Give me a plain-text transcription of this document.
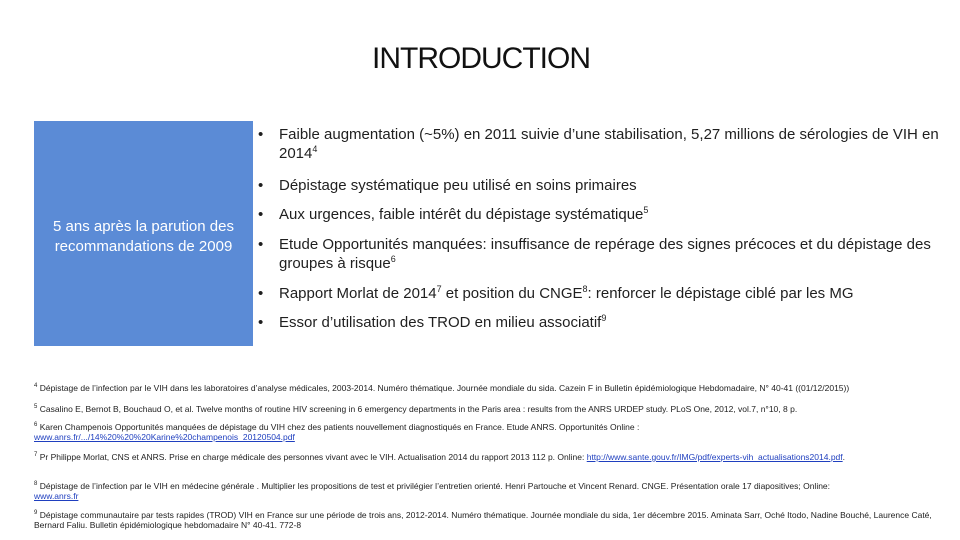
INTRODUCTION
5 ans après la parution des recommandations de 2009
• Faible augmentation (~5%) en 2011 suivie d’une stabilisation, 5,27 millions de sérologies de VIH en 2014$^4$
• Dépistage systématique peu utilisé en soins primaires
• Aux urgences, faible intérêt du dépistage systématique$^5$
• Etude Opportunités manquées: insuffisance de repérage des signes précoces et du dépistage des groupes à risque$^6$
• Rapport Morlat de 2014$^7$ et position du CNGE$^8$: renforcer le dépistage ciblé par les MG
• Essor d’utilisation des TROD en milieu associatif$^9$
$^4$ Dépistage de l’infection par le VIH dans les laboratoires d’analyse médicales, 2003-2014. Numéro thématique. Journée mondiale du sida. Cazein F in Bulletin épidémiologique Hebdomadaire, N° 40-41 ((01/12/2015))
$^5$ Casalino E, Bernot B, Bouchaud O, et al. Twelve months of routine HIV screening in 6 emergency departments in the Paris area : results from the ANRS URDEP study. PLoS One, 2012, vol.7, n°10, 8 p.
$^6$ Karen Champenois Opportunités manquées de dépistage du VIH chez des patients nouvellement diagnostiqués en France. Etude ANRS. Opportunités Online :
www.anrs.fr/.../14%20%20%20Karine%20champenois_20120504.pdf
$^7$ Pr Philippe Morlat, CNS et ANRS. Prise en charge médicale des personnes vivant avec le VIH. Actualisation 2014 du rapport 2013 112 p. Online: http://www.sante.gouv.fr/IMG/pdf/experts-vih_actualisations2014.pdf.
$^8$ Dépistage de l’infection par le VIH en médecine générale . Multiplier les propositions de test et privilégier l’entretien orienté. Henri Partouche et Vincent Renard. CNGE. Présentation orale 17 diapositives; Online:
www.anrs.fr
$^9$ Dépistage communautaire par tests rapides (TROD) VIH en France sur une période de trois ans, 2012-2014. Numéro thématique. Journée mondiale du sida, 1er décembre 2015. Aminata Sarr, Oché Itodo, Nadine Bouché, Laurence Caté, Bernard Faliu. Bulletin épidémiologique hebdomadaire N° 40-41. 772-8
